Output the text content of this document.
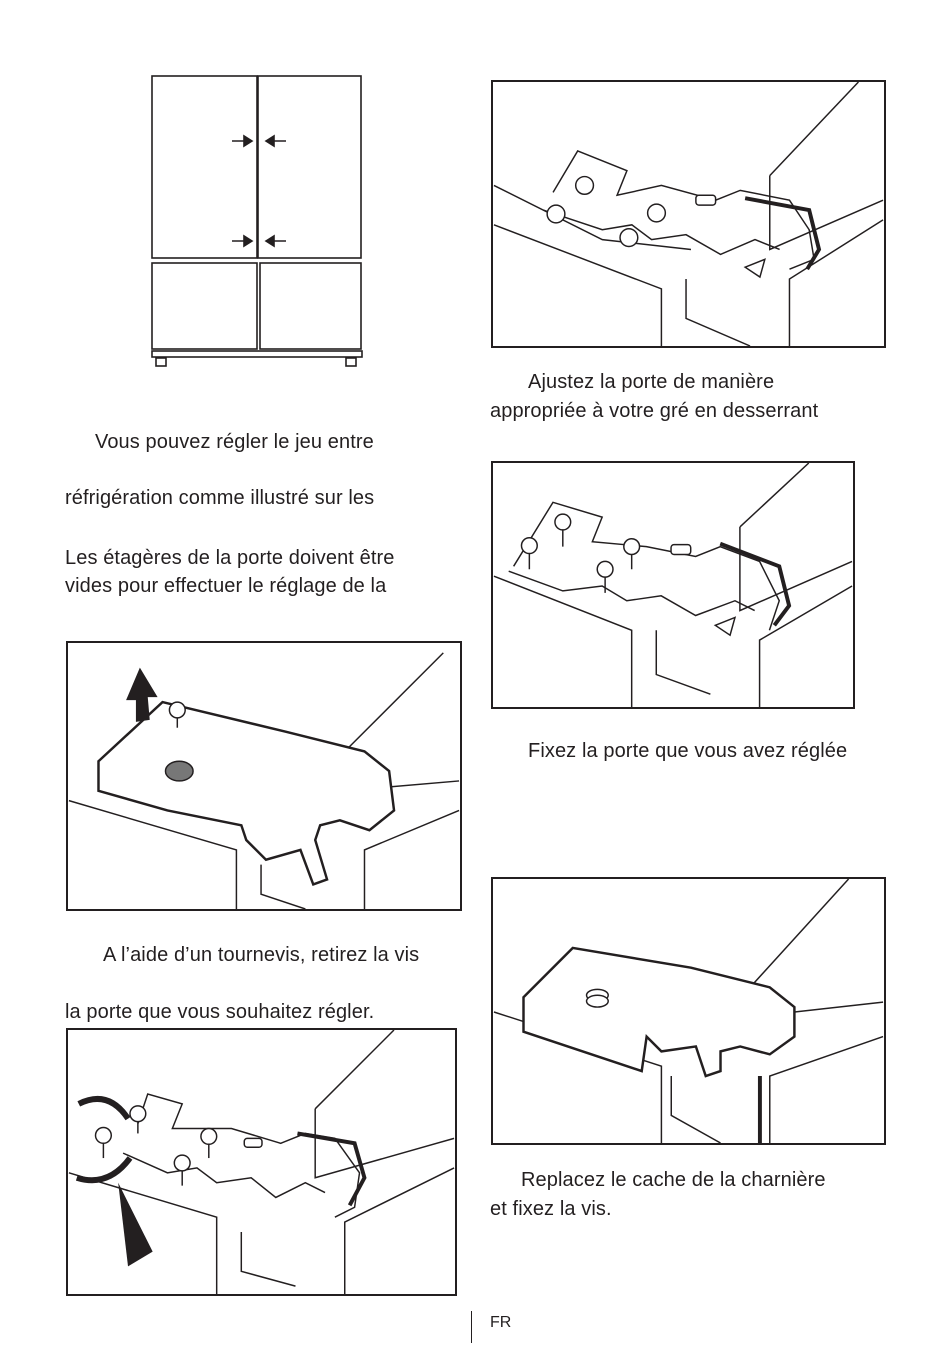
Vous pouvez régler le jeu entre
réfrigération comme illustré sur les
Les étagères de la porte doivent être
vides pour effectuer le réglage de la
A l’aide d’un tournevis, retirez la vis
la porte que vous souhaitez régler.
Ajustez la porte de manière
appropriée à votre gré en desserrant
Fixez la porte que vous avez réglée
Replacez le cache de la charnière
et fixez la vis.
FR
